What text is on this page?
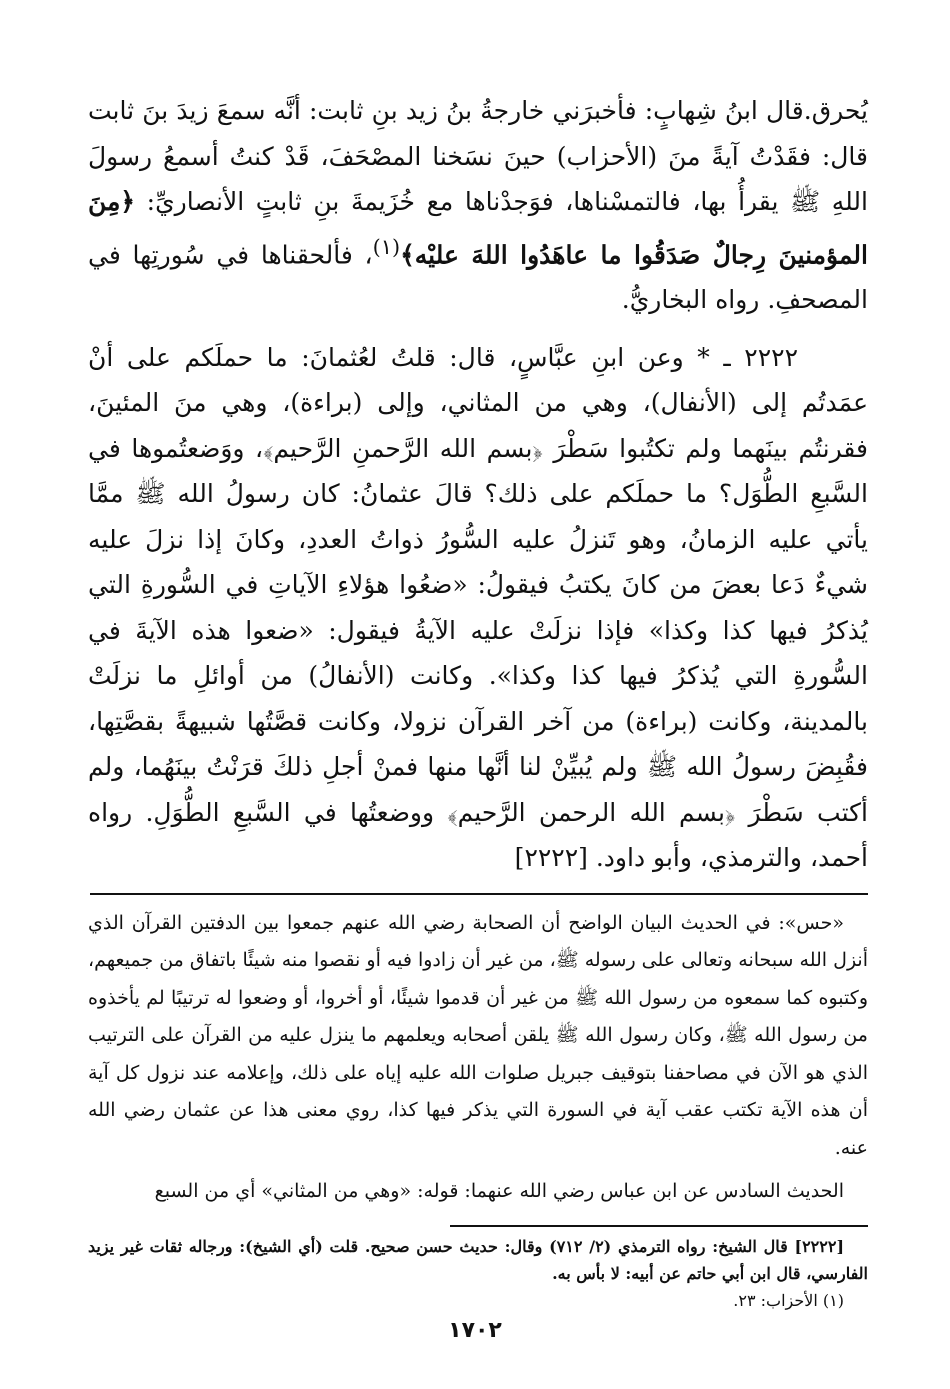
يُحرق.قال ابنُ شِهابٍ: فأخبرَني خارجةُ بنُ زيد بنِ ثابت: أنَّه سمعَ زيدَ بنَ ثابت قال: فقَدْتُ آيةً منَ (الأحزاب) حينَ نسَخنا المصْحَفَ، قَدْ كنتُ أسمعُ رسولَ اللهِ ﷺ يقرأُ بها، فالتمسْناها، فوَجدْناها مع خُزَيمةَ بنِ ثابتٍ الأنصاريِّ: ﴿مِنَ المؤمنينَ رِجالٌ صَدَقُوا ما عاهَدُوا اللهَ عليْه﴾$^{(١)}$، فألحقناها في سُورتِها في المصحفِ. رواه البخاريُّ.

٢٢٢٢ ـ * وعن ابنِ عبَّاسٍ، قال: قلتُ لعُثمانَ: ما حملَكم على أنْ عمَدتُم إلى (الأنفال)، وهي من المثاني، وإلى (براءة)، وهي منَ المئينَ، فقرنتُم بينَهما ولم تكتُبوا سَطْرَ ﴿بسم الله الرَّحمنِ الرَّحيم﴾، ووَضعتُموها في السَّبعِ الطُّوَل؟ ما حملَكم على ذلك؟ قالَ عثمانُ: كان رسولُ الله ﷺ ممَّا يأتي عليه الزمانُ، وهو تَنزلُ عليه السُّورُ ذواتُ العددِ، وكانَ إذا نزلَ عليه شيءٌ دَعا بعضَ من كانَ يكتبُ فيقولُ: «ضعُوا هؤلاءِ الآياتِ في السُّورةِ التي يُذكرُ فيها كذا وكذا» فإذا نزلَتْ عليه الآيةُ فيقول: «ضعوا هذه الآيةَ في السُّورةِ التي يُذكرُ فيها كذا وكذا». وكانت (الأنفالُ) من أوائلِ ما نزلَتْ بالمدينة، وكانت (براءة) من آخر القرآن نزولا، وكانت قصَّتُها شبيهةً بقصَّتِها، فقُبِضَ رسولُ الله ﷺ ولم يُبيِّنْ لنا أنَّها منها فمنْ أجلِ ذلكَ قرَنْتُ بينَهُما، ولم أكتب سَطْرَ ﴿بسم الله الرحمن الرَّحيم﴾ ووضعتُها في السَّبعِ الطُّوَلِ. رواه أحمد، والترمذي، وأبو داود. [٢٢٢٢]

«حس»: في الحديث البيان الواضح أن الصحابة رضي الله عنهم جمعوا بين الدفتين القرآن الذي أنزل الله سبحانه وتعالى على رسوله ﷺ، من غير أن زادوا فيه أو نقصوا منه شيئًا باتفاق من جميعهم، وكتبوه كما سمعوه من رسول الله ﷺ من غير أن قدموا شيئًا، أو أخروا، أو وضعوا له ترتيبًا لم يأخذوه من رسول الله ﷺ، وكان رسول الله ﷺ يلقن أصحابه ويعلمهم ما ينزل عليه من القرآن على الترتيب الذي هو الآن في مصاحفنا بتوقيف جبريل صلوات الله عليه إياه على ذلك، وإعلامه عند نزول كل آية أن هذه الآية تكتب عقب آية في السورة التي يذكر فيها كذا، روي معنى هذا عن عثمان رضي الله عنه.

الحديث السادس عن ابن عباس رضي الله عنهما: قوله: «وهي من المثاني» أي من السبع

[٢٢٢٢] قال الشيخ: رواه الترمذي (٢/ ٧١٢) وقال: حديث حسن صحيح. قلت (أي الشيخ): ورجاله ثقات غير يزيد الفارسي، قال ابن أبي حاتم عن أبيه: لا بأس به.

(١) الأحزاب: ٢٣.

١٧٠٢
